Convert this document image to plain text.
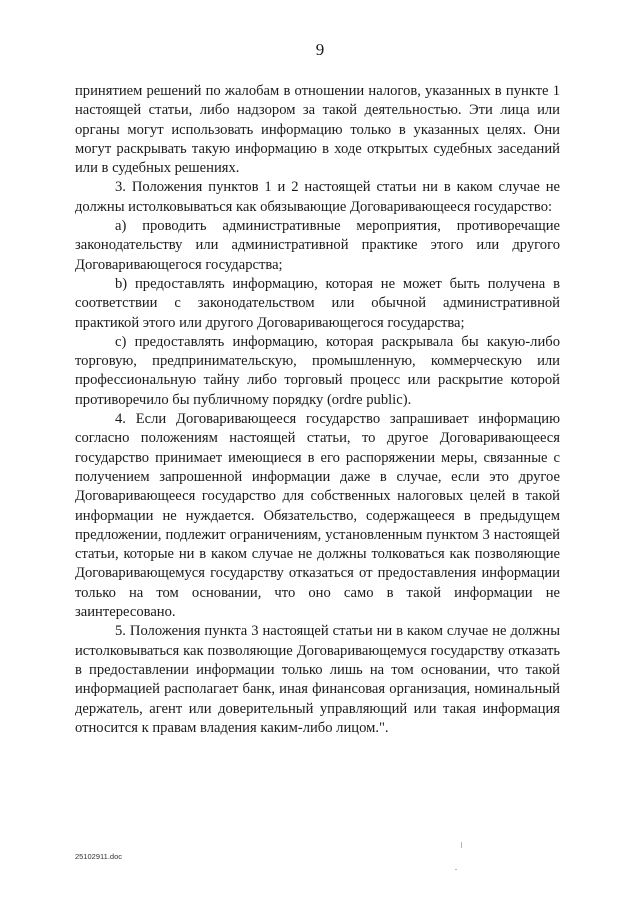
9

принятием решений по жалобам в отношении налогов, указанных в пункте 1 настоящей статьи, либо надзором за такой деятельностью. Эти лица или органы могут использовать информацию только в указанных целях. Они могут раскрывать такую информацию в ходе открытых судебных заседаний или в судебных решениях.

3. Положения пунктов 1 и 2 настоящей статьи ни в каком случае не должны истолковываться как обязывающие Договаривающееся государство:

a) проводить административные мероприятия, противоречащие законодательству или административной практике этого или другого Договаривающегося государства;

b) предоставлять информацию, которая не может быть получена в соответствии с законодательством или обычной административной практикой этого или другого Договаривающегося государства;

c) предоставлять информацию, которая раскрывала бы какую-либо торговую, предпринимательскую, промышленную, коммерческую или профессиональную тайну либо торговый процесс или раскрытие которой противоречило бы публичному порядку (ordre public).

4. Если Договаривающееся государство запрашивает информацию согласно положениям настоящей статьи, то другое Договаривающееся государство принимает имеющиеся в его распоряжении меры, связанные с получением запрошенной информации даже в случае, если это другое Договаривающееся государство для собственных налоговых целей в такой информации не нуждается. Обязательство, содержащееся в предыдущем предложении, подлежит ограничениям, установленным пунктом 3 настоящей статьи, которые ни в каком случае не должны толковаться как позволяющие Договаривающемуся государству отказаться от предоставления информации только на том основании, что оно само в такой информации не заинтересовано.

5. Положения пункта 3 настоящей статьи ни в каком случае не должны истолковываться как позволяющие Договаривающемуся государству отказать в предоставлении информации только лишь на том основании, что такой информацией располагает банк, иная финансовая организация, номинальный держатель, агент или доверительный управляющий или такая информация относится к правам владения каким-либо лицом.".

25102911.doc
